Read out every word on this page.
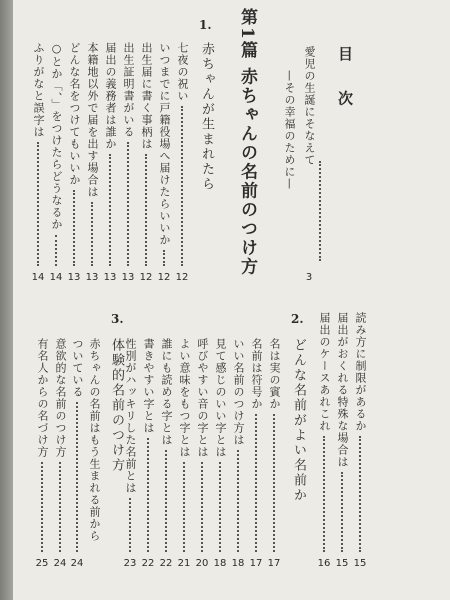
目 次
愛児の生誕にそなえて
—その幸福のために—
3
第1篇 赤ちゃんの名前のつけ方
1.
赤ちゃんが生まれたら
七夜の祝い
12
いつまでに戸籍役場へ届けたらいいか
12
出生届に書く事柄は
12
出生証明書がいる
13
届出の義務者は誰か
13
本籍地以外で届を出す場合は
13
どんな名をつけてもいいか
13
○とか「、」をつけたらどうなるか
14
ふりがなと誤字は
14
読み方に制限があるか
15
届出がおくれる特殊な場合は
15
届出のケースあれこれ
16
2.
どんな名前がよい名前か
名は実の賓か
17
名前は符号か
17
いい名前のつけ方は
18
見て感じのいい字とは
18
呼びやすい音の字とは
20
よい意味をもつ字とは
21
誰にも読める字とは
22
書きやすい字とは
22
性別がハッキリした名前とは
23
3.
体験的名前のつけ方
赤ちゃんの名前はもう生まれる前から
ついている
24
意欲的な名前のつけ方
24
有名人からの名づけ方
25
